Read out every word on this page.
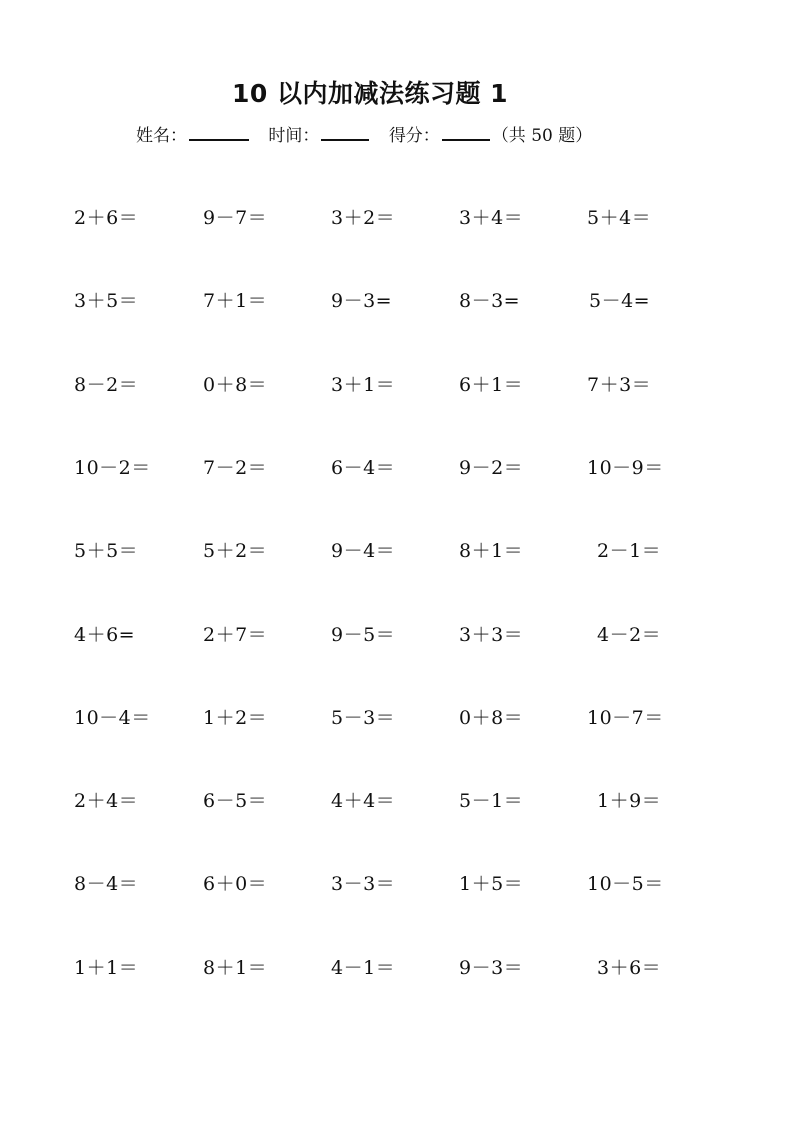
10 以内加减法练习题 1
姓名：	时间：	得分：	（共 50 题）
2＋6＝	9－7＝	3＋2＝	3＋4＝	5＋4＝
3＋5＝	7＋1＝	9－3=	8－3=	5－4=
8－2＝	0＋8＝	3＋1＝	6＋1＝	7＋3＝
10－2＝	7－2＝	6－4＝	9－2＝	10－9＝
5＋5＝	5＋2＝	9－4＝	8＋1＝	2－1＝
4＋6=	2＋7＝	9－5＝	3＋3＝	4－2＝
10－4＝	1＋2＝	5－3＝	0＋8＝	10－7＝
2＋4＝	6－5＝	4＋4＝	5－1＝	1＋9＝
8－4＝	6＋0＝	3－3＝	1＋5＝	10－5＝
1＋1＝	8＋1＝	4－1＝	9－3＝	3＋6＝
